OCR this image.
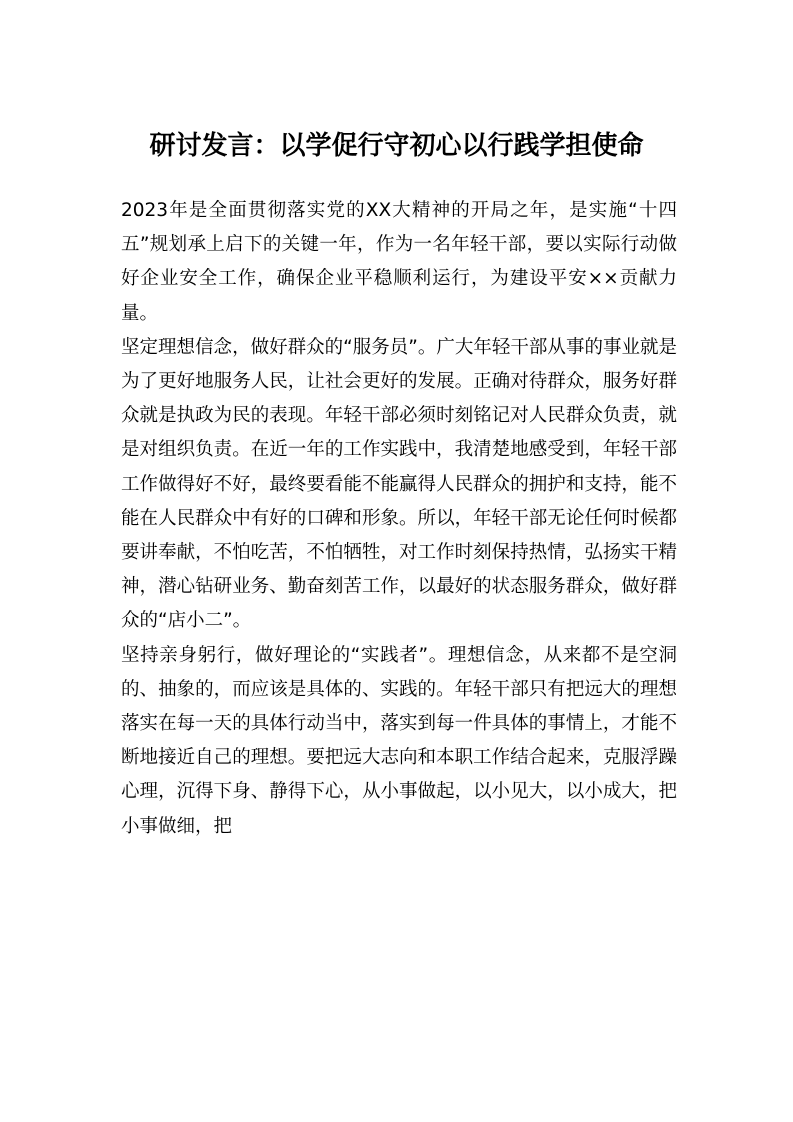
研讨发言：以学促行守初心以行践学担使命

2023年是全面贯彻落实党的XX大精神的开局之年，是实施“十四五”规划承上启下的关键一年，作为一名年轻干部，要以实际行动做好企业安全工作，确保企业平稳顺利运行，为建设平安××贡献力量。

坚定理想信念，做好群众的“服务员”。广大年轻干部从事的事业就是为了更好地服务人民，让社会更好的发展。正确对待群众，服务好群众就是执政为民的表现。年轻干部必须时刻铭记对人民群众负责，就是对组织负责。在近一年的工作实践中，我清楚地感受到，年轻干部工作做得好不好，最终要看能不能赢得人民群众的拥护和支持，能不能在人民群众中有好的口碑和形象。所以，年轻干部无论任何时候都要讲奉献，不怕吃苦，不怕牺牲，对工作时刻保持热情，弘扬实干精神，潜心钻研业务、勤奋刻苦工作，以最好的状态服务群众，做好群众的“店小二”。

坚持亲身躬行，做好理论的“实践者”。理想信念，从来都不是空洞的、抽象的，而应该是具体的、实践的。年轻干部只有把远大的理想落实在每一天的具体行动当中，落实到每一件具体的事情上，才能不断地接近自己的理想。要把远大志向和本职工作结合起来，克服浮躁心理，沉得下身、静得下心，从小事做起，以小见大，以小成大，把小事做细，把
